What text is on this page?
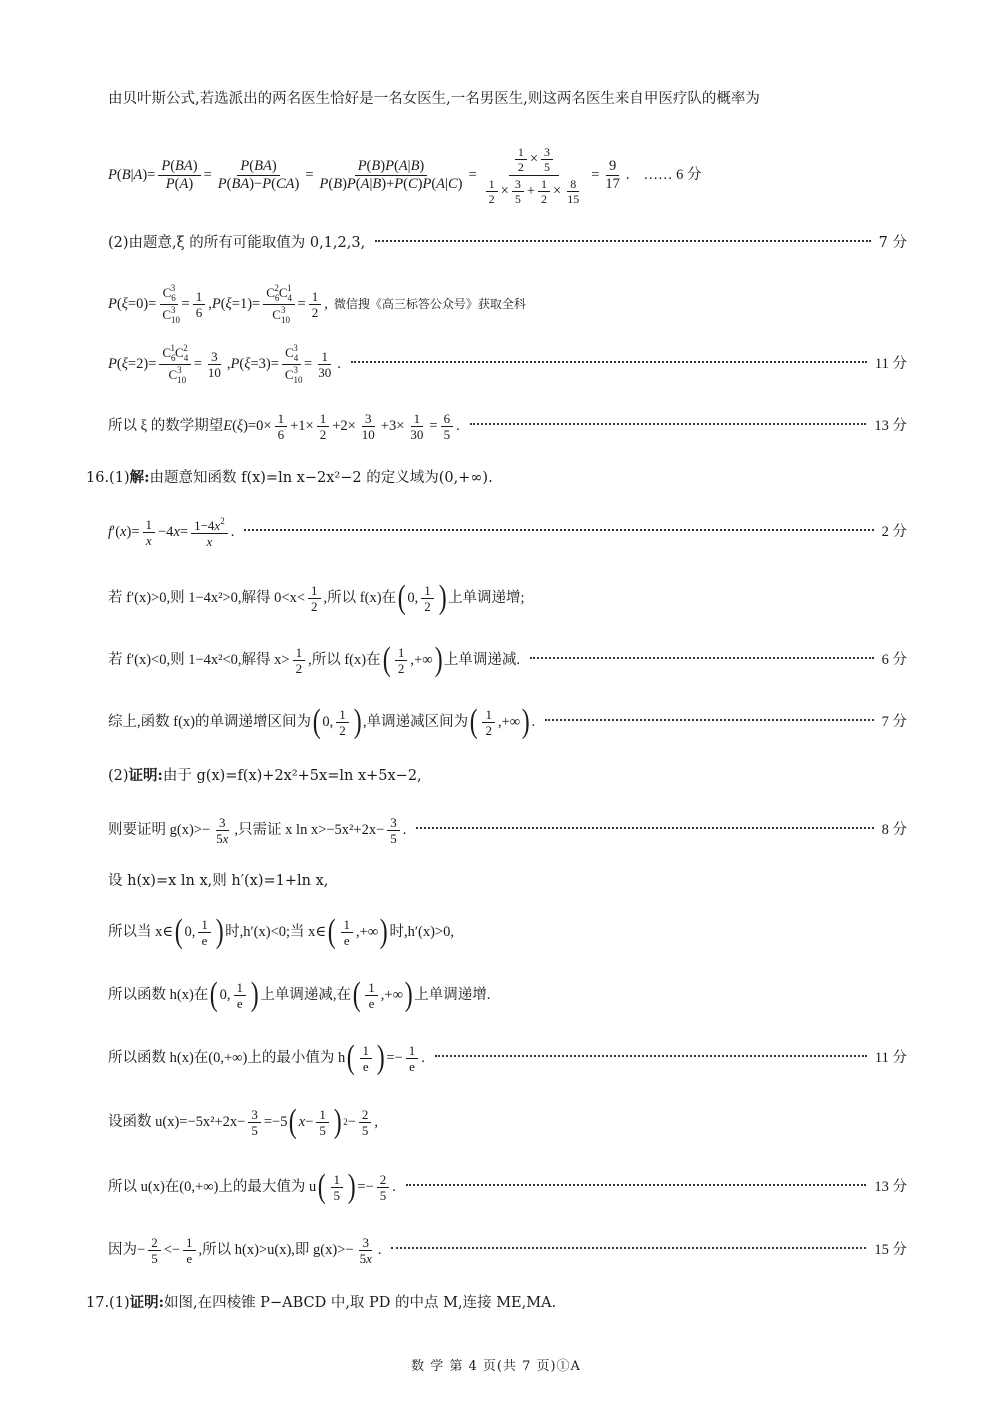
由贝叶斯公式,若选派出的两名医生恰好是一名女医生,一名男医生,则这两名医生来自甲医疗队的概率为
$P(B|A)= \frac{P(BA)}{P(A)} = \frac{P(BA)}{P(BA)-P(CA)} = \frac{P(B)P(A|B)}{P(B)P(A|B)+P(C)P(A|C)} = \frac{\frac{1}{2} \times \frac{3}{5}}{\frac{1}{2} \times \frac{3}{5} + \frac{1}{2} \times \frac{8}{15}} = \frac{9}{17}$ . …… 6 分
(2)由题意,ξ 的所有可能取值为 0,1,2,3,	7 分
$P(\xi=0)= \frac{C_6^3}{C_{10}^3} = \frac{1}{6} ,P(\xi=1)= \frac{C_6^2C_4^1}{C_{10}^3} = \frac{1}{2}$ , 微信搜《高三标答公众号》获取全科
$P(\xi=2)= \frac{C_6^1C_4^2}{C_{10}^3} = \frac{3}{10} ,P(\xi=3)= \frac{C_4^3}{C_{10}^3} = \frac{1}{30}$ .	11 分
所以 ξ 的数学期望 $E(\xi)=0\times \frac{1}{6} +1\times \frac{1}{2} +2\times \frac{3}{10} +3\times \frac{1}{30} = \frac{6}{5}$ .	13 分
16.(1) 解: 由题意知函数 f(x)=ln x−2x²−2 的定义域为(0,+∞).
$f'(x)= \frac{1}{x} -4x= \frac{1-4x^2}{x}$ .	2 分
若 f′(x)>0,则 1−4x²>0,解得 $0<x< \frac{1}{2}$ ,所以 f(x)在 ( 0, $\frac{1}{2}$ ) 上单调递增;
若 f′(x)<0,则 1−4x²<0,解得 $x> \frac{1}{2}$ ,所以 f(x)在 ( $\frac{1}{2}$ ,+∞ ) 上单调递减.	6 分
综上,函数 f(x)的单调递增区间为 ( 0, $\frac{1}{2}$ ) ,单调递减区间为 ( $\frac{1}{2}$ ,+∞ ) .	7 分
(2) 证明: 由于 g(x)=f(x)+2x²+5x=ln x+5x−2,
则要证明 $g(x)>- \frac{3}{5x}$ ,只需证 x $\ln x>-5x^2+2x- \frac{3}{5}$ .	8 分
设 h(x)=x ln x,则 h′(x)=1+ln x,
所以当 x∈ ( 0, $\frac{1}{e}$ ) 时,h′(x)<0;当 x∈ ( $\frac{1}{e}$ ,+∞ ) 时,h′(x)>0,
所以函数 h(x)在 ( 0, $\frac{1}{e}$ ) 上单调递减,在 ( $\frac{1}{e}$ ,+∞ ) 上单调递增.
所以函数 h(x)在(0,+∞)上的最小值为 h ( $\frac{1}{e}$ ) =− $\frac{1}{e}$ .	11 分
设函数 $u(x)=-5x^2+2x- \frac{3}{5} =-5$ ( $x - \frac{1}{5}$ ) $2 - \frac{2}{5}$ ,
所以 u(x)在(0,+∞)上的最大值为 u ( $\frac{1}{5}$ ) =− $\frac{2}{5}$ .	13 分
因为− $\frac{2}{5} <- \frac{1}{e}$ ,所以 h(x)>u(x),即 $g(x)>- \frac{3}{5x}$ .	15 分
17.(1) 证明: 如图,在四棱锥 P−ABCD 中,取 PD 的中点 M,连接 ME,MA.
数 学 第 4 页(共 7 页)①A
